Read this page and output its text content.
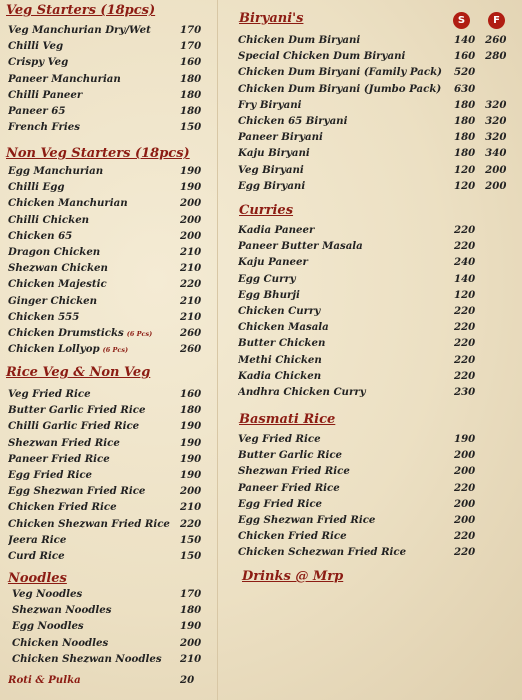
Veg Starters (18pcs)
Veg Manchurian Dry/Wet	170
Chilli Veg	170
Crispy Veg	160
Paneer Manchurian	180
Chilli Paneer	180
Paneer 65	180
French Fries	150
Non Veg Starters (18pcs)
Egg Manchurian	190
Chilli Egg	190
Chicken Manchurian	200
Chilli Chicken	200
Chicken 65	200
Dragon Chicken	210
Shezwan Chicken	210
Chicken Majestic	220
Ginger Chicken	210
Chicken 555	210
Chicken Drumsticks (6 Pcs)	260
Chicken Lollyop (6 Pcs)	260
Rice Veg & Non Veg
Veg Fried Rice	160
Butter Garlic Fried Rice	180
Chilli Garlic Fried Rice	190
Shezwan Fried Rice	190
Paneer Fried Rice	190
Egg Fried Rice	190
Egg Shezwan Fried Rice	200
Chicken Fried Rice	210
Chicken Shezwan Fried Rice 220
Jeera Rice	150
Curd Rice	150
Noodles
Veg Noodles	170
Shezwan Noodles	180
Egg Noodles	190
Chicken Noodles	200
Chicken Shezwan Noodles	210
Roti & Pulka	20
Biryani's	S	F
Chicken Dum Biryani	140 260
Special Chicken Dum Biryani	160 280
Chicken Dum Biryani (Family Pack)	520
Chicken Dum Biryani (Jumbo Pack)	630
Fry Biryani	180 320
Chicken 65 Biryani	180 320
Paneer Biryani	180 320
Kaju Biryani	180 340
Veg Biryani	120 200
Egg Biryani	120 200
Curries
Kadia Paneer	220
Paneer Butter Masala	220
Kaju Paneer	240
Egg Curry	140
Egg Bhurji	120
Chicken Curry	220
Chicken Masala	220
Butter Chicken	220
Methi Chicken	220
Kadia Chicken	220
Andhra Chicken Curry	230
Basmati Rice
Veg Fried Rice	190
Butter Garlic Rice	200
Shezwan Fried Rice	200
Paneer Fried Rice	220
Egg Fried Rice	200
Egg Shezwan Fried Rice	200
Chicken Fried Rice	220
Chicken Schezwan Fried Rice	220
Drinks @ Mrp
